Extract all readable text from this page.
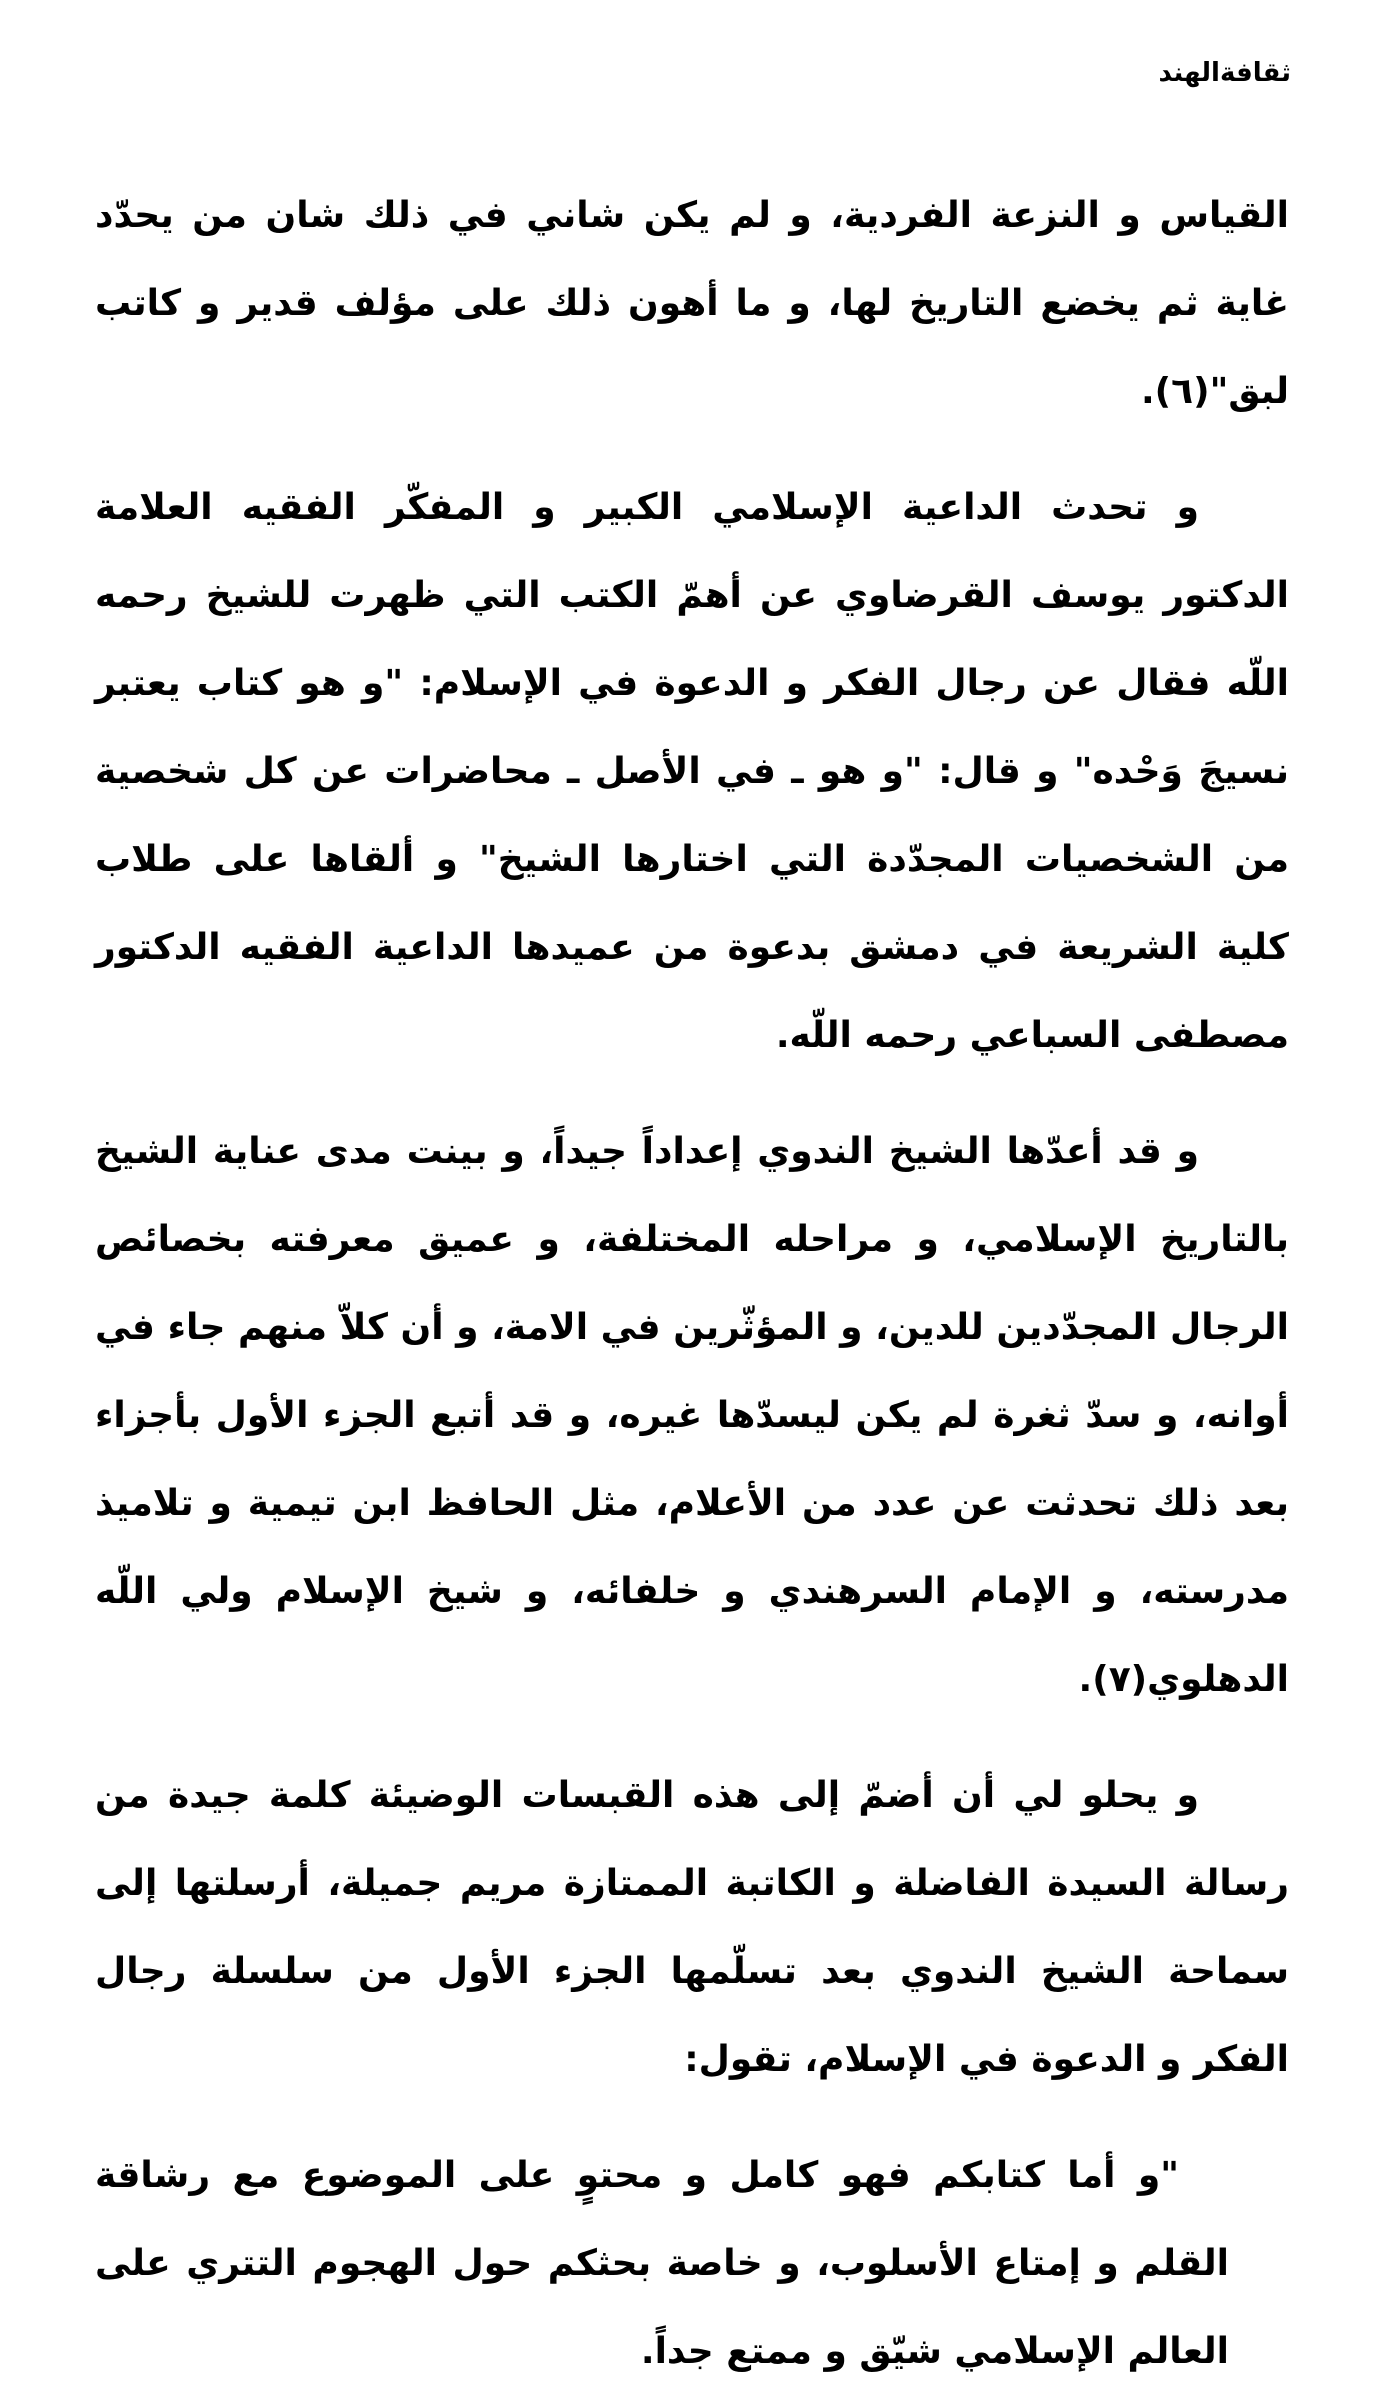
ثقافةالهند

القياس و النزعة الفردية، و لم يكن شاني في ذلك شان من يحدّد غاية ثم يخضع التاريخ لها، و ما أهون ذلك على مؤلف قدير و كاتب لبق"(٦).

و تحدث الداعية الإسلامي الكبير و المفكّر الفقيه العلامة الدكتور يوسف القرضاوي عن أهمّ الكتب التي ظهرت للشيخ رحمه اللّه فقال عن رجال الفكر و الدعوة في الإسلام: "و هو كتاب يعتبر نسيجَ وَحْده" و قال: "و هو ـ في الأصل ـ محاضرات عن كل شخصية من الشخصيات المجدّدة التي اختارها الشيخ" و ألقاها على طلاب كلية الشريعة في دمشق بدعوة من عميدها الداعية الفقيه الدكتور مصطفى السباعي رحمه اللّه.

و قد أعدّها الشيخ الندوي إعداداً جيداً، و بينت مدى عناية الشيخ بالتاريخ الإسلامي، و مراحله المختلفة، و عميق معرفته بخصائص الرجال المجدّدين للدين، و المؤثّرين في الامة، و أن كلاّ منهم جاء في أوانه، و سدّ ثغرة لم يكن ليسدّها غيره، و قد أتبع الجزء الأول بأجزاء بعد ذلك تحدثت عن عدد من الأعلام، مثل الحافظ ابن تيمية و تلاميذ مدرسته، و الإمام السرهندي و خلفائه، و شيخ الإسلام ولي اللّه الدهلوي(٧).

و يحلو لي أن أضمّ إلى هذه القبسات الوضيئة كلمة جيدة من رسالة السيدة الفاضلة و الكاتبة الممتازة مريم جميلة، أرسلتها إلى سماحة الشيخ الندوي بعد تسلّمها الجزء الأول من سلسلة رجال الفكر و الدعوة في الإسلام، تقول:

"و أما كتابكم فهو كامل و محتوٍ على الموضوع مع رشاقة القلم و إمتاع الأسلوب، و خاصة بحثكم حول الهجوم التتري على العالم الإسلامي شيّق و ممتع جداً.
